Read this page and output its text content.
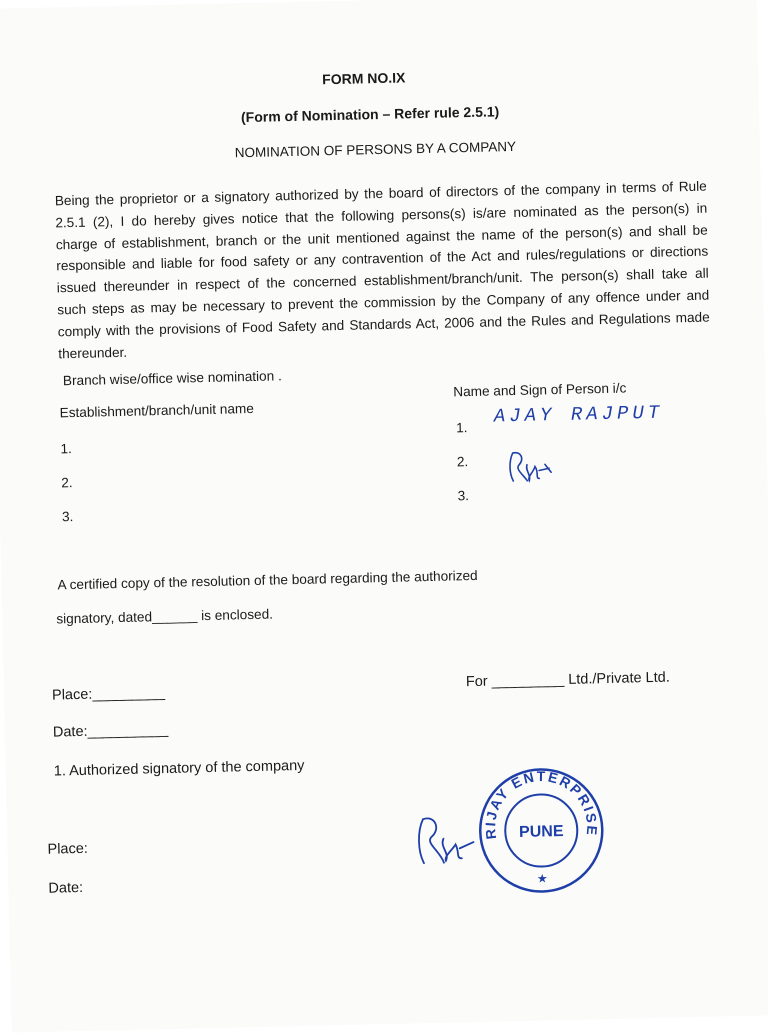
FORM NO.IX
(Form of Nomination – Refer rule 2.5.1)
NOMINATION OF PERSONS BY A COMPANY
Being the proprietor or a signatory authorized by the board of directors of the company in terms of Rule
2.5.1 (2), I do hereby gives notice that the following persons(s) is/are nominated as the person(s) in
charge of establishment, branch or the unit mentioned against the name of the person(s) and shall be
responsible and liable for food safety or any contravention of the Act and rules/regulations or directions
issued thereunder in respect of the concerned establishment/branch/unit. The person(s) shall take all
such steps as may be necessary to prevent the commission by the Company of any offence under and
comply with the provisions of Food Safety and Standards Act, 2006 and the Rules and Regulations made
thereunder.
Branch wise/office wise nomination .
Establishment/branch/unit name
Name and Sign of Person i/c
1.
2.
3.
1.
2.
3.
AJAY RAJPUT
A certified copy of the resolution of the board regarding the authorized
signatory, dated______ is enclosed.
Place:_________
Date:__________
For _________ Ltd./Private Ltd.
1. Authorized signatory of the company
Place:
Date:
PRIJAY ENTERPRISES
PUNE
★
